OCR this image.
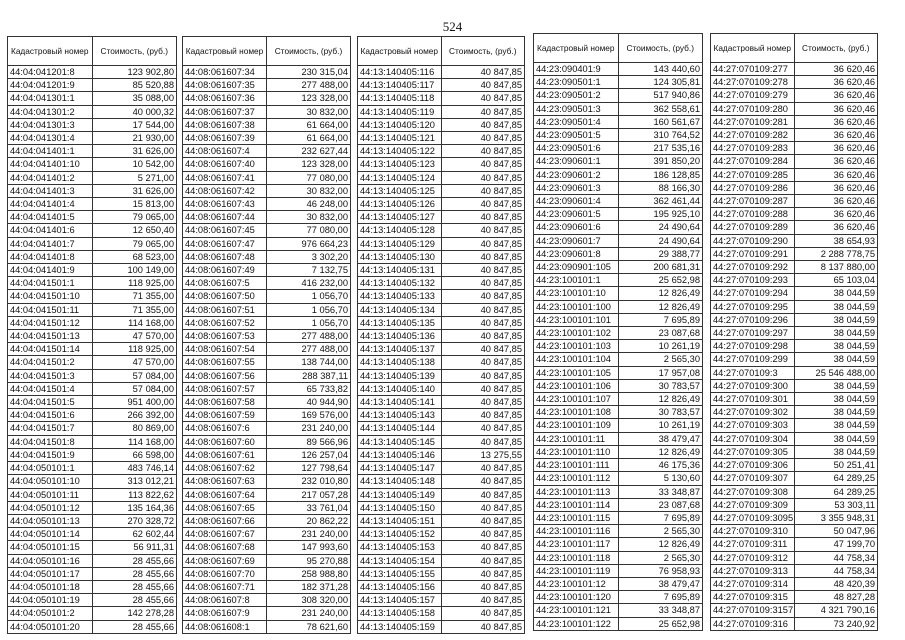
524
Кадастровый номер	Стоимость, (руб.)
44:04:041201:8	123 902,80
44:04:041201:9	85 520,88
44:04:041301:1	35 088,00
44:04:041301:2	40 000,32
44:04:041301:3	17 544,00
44:04:041301:4	21 930,00
44:04:041401:1	31 626,00
44:04:041401:10	10 542,00
44:04:041401:2	5 271,00
44:04:041401:3	31 626,00
44:04:041401:4	15 813,00
44:04:041401:5	79 065,00
44:04:041401:6	12 650,40
44:04:041401:7	79 065,00
44:04:041401:8	68 523,00
44:04:041401:9	100 149,00
44:04:041501:1	118 925,00
44:04:041501:10	71 355,00
44:04:041501:11	71 355,00
44:04:041501:12	114 168,00
44:04:041501:13	47 570,00
44:04:041501:14	118 925,00
44:04:041501:2	47 570,00
44:04:041501:3	57 084,00
44:04:041501:4	57 084,00
44:04:041501:5	951 400,00
44:04:041501:6	266 392,00
44:04:041501:7	80 869,00
44:04:041501:8	114 168,00
44:04:041501:9	66 598,00
44:04:050101:1	483 746,14
44:04:050101:10	313 012,21
44:04:050101:11	113 822,62
44:04:050101:12	135 164,36
44:04:050101:13	270 328,72
44:04:050101:14	62 602,44
44:04:050101:15	56 911,31
44:04:050101:16	28 455,66
44:04:050101:17	28 455,66
44:04:050101:18	28 455,66
44:04:050101:19	28 455,66
44:04:050101:2	142 278,28
44:04:050101:20	28 455,66
Кадастровый номер	Стоимость, (руб.)
44:08:061607:34	230 315,04
44:08:061607:35	277 488,00
44:08:061607:36	123 328,00
44:08:061607:37	30 832,00
44:08:061607:38	61 664,00
44:08:061607:39	61 664,00
44:08:061607:4	232 627,44
44:08:061607:40	123 328,00
44:08:061607:41	77 080,00
44:08:061607:42	30 832,00
44:08:061607:43	46 248,00
44:08:061607:44	30 832,00
44:08:061607:45	77 080,00
44:08:061607:47	976 664,23
44:08:061607:48	3 302,20
44:08:061607:49	7 132,75
44:08:061607:5	416 232,00
44:08:061607:50	1 056,70
44:08:061607:51	1 056,70
44:08:061607:52	1 056,70
44:08:061607:53	277 488,00
44:08:061607:54	277 488,00
44:08:061607:55	138 744,00
44:08:061607:56	288 387,11
44:08:061607:57	65 733,82
44:08:061607:58	40 944,90
44:08:061607:59	169 576,00
44:08:061607:6	231 240,00
44:08:061607:60	89 566,96
44:08:061607:61	126 257,04
44:08:061607:62	127 798,64
44:08:061607:63	232 010,80
44:08:061607:64	217 057,28
44:08:061607:65	33 761,04
44:08:061607:66	20 862,22
44:08:061607:67	231 240,00
44:08:061607:68	147 993,60
44:08:061607:69	95 270,88
44:08:061607:70	258 988,80
44:08:061607:71	182 371,28
44:08:061607:8	308 320,00
44:08:061607:9	231 240,00
44:08:061608:1	78 621,60
Кадастровый номер	Стоимость, (руб.)
44:13:140405:116	40 847,85
44:13:140405:117	40 847,85
44:13:140405:118	40 847,85
44:13:140405:119	40 847,85
44:13:140405:120	40 847,85
44:13:140405:121	40 847,85
44:13:140405:122	40 847,85
44:13:140405:123	40 847,85
44:13:140405:124	40 847,85
44:13:140405:125	40 847,85
44:13:140405:126	40 847,85
44:13:140405:127	40 847,85
44:13:140405:128	40 847,85
44:13:140405:129	40 847,85
44:13:140405:130	40 847,85
44:13:140405:131	40 847,85
44:13:140405:132	40 847,85
44:13:140405:133	40 847,85
44:13:140405:134	40 847,85
44:13:140405:135	40 847,85
44:13:140405:136	40 847,85
44:13:140405:137	40 847,85
44:13:140405:138	40 847,85
44:13:140405:139	40 847,85
44:13:140405:140	40 847,85
44:13:140405:141	40 847,85
44:13:140405:143	40 847,85
44:13:140405:144	40 847,85
44:13:140405:145	40 847,85
44:13:140405:146	13 275,55
44:13:140405:147	40 847,85
44:13:140405:148	40 847,85
44:13:140405:149	40 847,85
44:13:140405:150	40 847,85
44:13:140405:151	40 847,85
44:13:140405:152	40 847,85
44:13:140405:153	40 847,85
44:13:140405:154	40 847,85
44:13:140405:155	40 847,85
44:13:140405:156	40 847,85
44:13:140405:157	40 847,85
44:13:140405:158	40 847,85
44:13:140405:159	40 847,85
Кадастровый номер	Стоимость, (руб.)
44:23:090401:9	143 440,60
44:23:090501:1	124 305,81
44:23:090501:2	517 940,86
44:23:090501:3	362 558,61
44:23:090501:4	160 561,67
44:23:090501:5	310 764,52
44:23:090501:6	217 535,16
44:23:090601:1	391 850,20
44:23:090601:2	186 128,85
44:23:090601:3	88 166,30
44:23:090601:4	362 461,44
44:23:090601:5	195 925,10
44:23:090601:6	24 490,64
44:23:090601:7	24 490,64
44:23:090601:8	29 388,77
44:23:090901:105	200 681,31
44:23:100101:1	25 652,98
44:23:100101:10	12 826,49
44:23:100101:100	12 826,49
44:23:100101:101	7 695,89
44:23:100101:102	23 087,68
44:23:100101:103	10 261,19
44:23:100101:104	2 565,30
44:23:100101:105	17 957,08
44:23:100101:106	30 783,57
44:23:100101:107	12 826,49
44:23:100101:108	30 783,57
44:23:100101:109	10 261,19
44:23:100101:11	38 479,47
44:23:100101:110	12 826,49
44:23:100101:111	46 175,36
44:23:100101:112	5 130,60
44:23:100101:113	33 348,87
44:23:100101:114	23 087,68
44:23:100101:115	7 695,89
44:23:100101:116	2 565,30
44:23:100101:117	12 826,49
44:23:100101:118	2 565,30
44:23:100101:119	76 958,93
44:23:100101:12	38 479,47
44:23:100101:120	7 695,89
44:23:100101:121	33 348,87
44:23:100101:122	25 652,98
Кадастровый номер	Стоимость, (руб.)
44:27:070109:277	36 620,46
44:27:070109:278	36 620,46
44:27:070109:279	36 620,46
44:27:070109:280	36 620,46
44:27:070109:281	36 620,46
44:27:070109:282	36 620,46
44:27:070109:283	36 620,46
44:27:070109:284	36 620,46
44:27:070109:285	36 620,46
44:27:070109:286	36 620,46
44:27:070109:287	36 620,46
44:27:070109:288	36 620,46
44:27:070109:289	36 620,46
44:27:070109:290	38 654,93
44:27:070109:291	2 288 778,75
44:27:070109:292	8 137 880,00
44:27:070109:293	65 103,04
44:27:070109:294	38 044,59
44:27:070109:295	38 044,59
44:27:070109:296	38 044,59
44:27:070109:297	38 044,59
44:27:070109:298	38 044,59
44:27:070109:299	38 044,59
44:27:070109:3	25 546 488,00
44:27:070109:300	38 044,59
44:27:070109:301	38 044,59
44:27:070109:302	38 044,59
44:27:070109:303	38 044,59
44:27:070109:304	38 044,59
44:27:070109:305	38 044,59
44:27:070109:306	50 251,41
44:27:070109:307	64 289,25
44:27:070109:308	64 289,25
44:27:070109:309	53 303,11
44:27:070109:3095	3 355 948,31
44:27:070109:310	50 047,96
44:27:070109:311	47 199,70
44:27:070109:312	44 758,34
44:27:070109:313	44 758,34
44:27:070109:314	48 420,39
44:27:070109:315	48 827,28
44:27:070109:3157	4 321 790,16
44:27:070109:316	73 240,92
